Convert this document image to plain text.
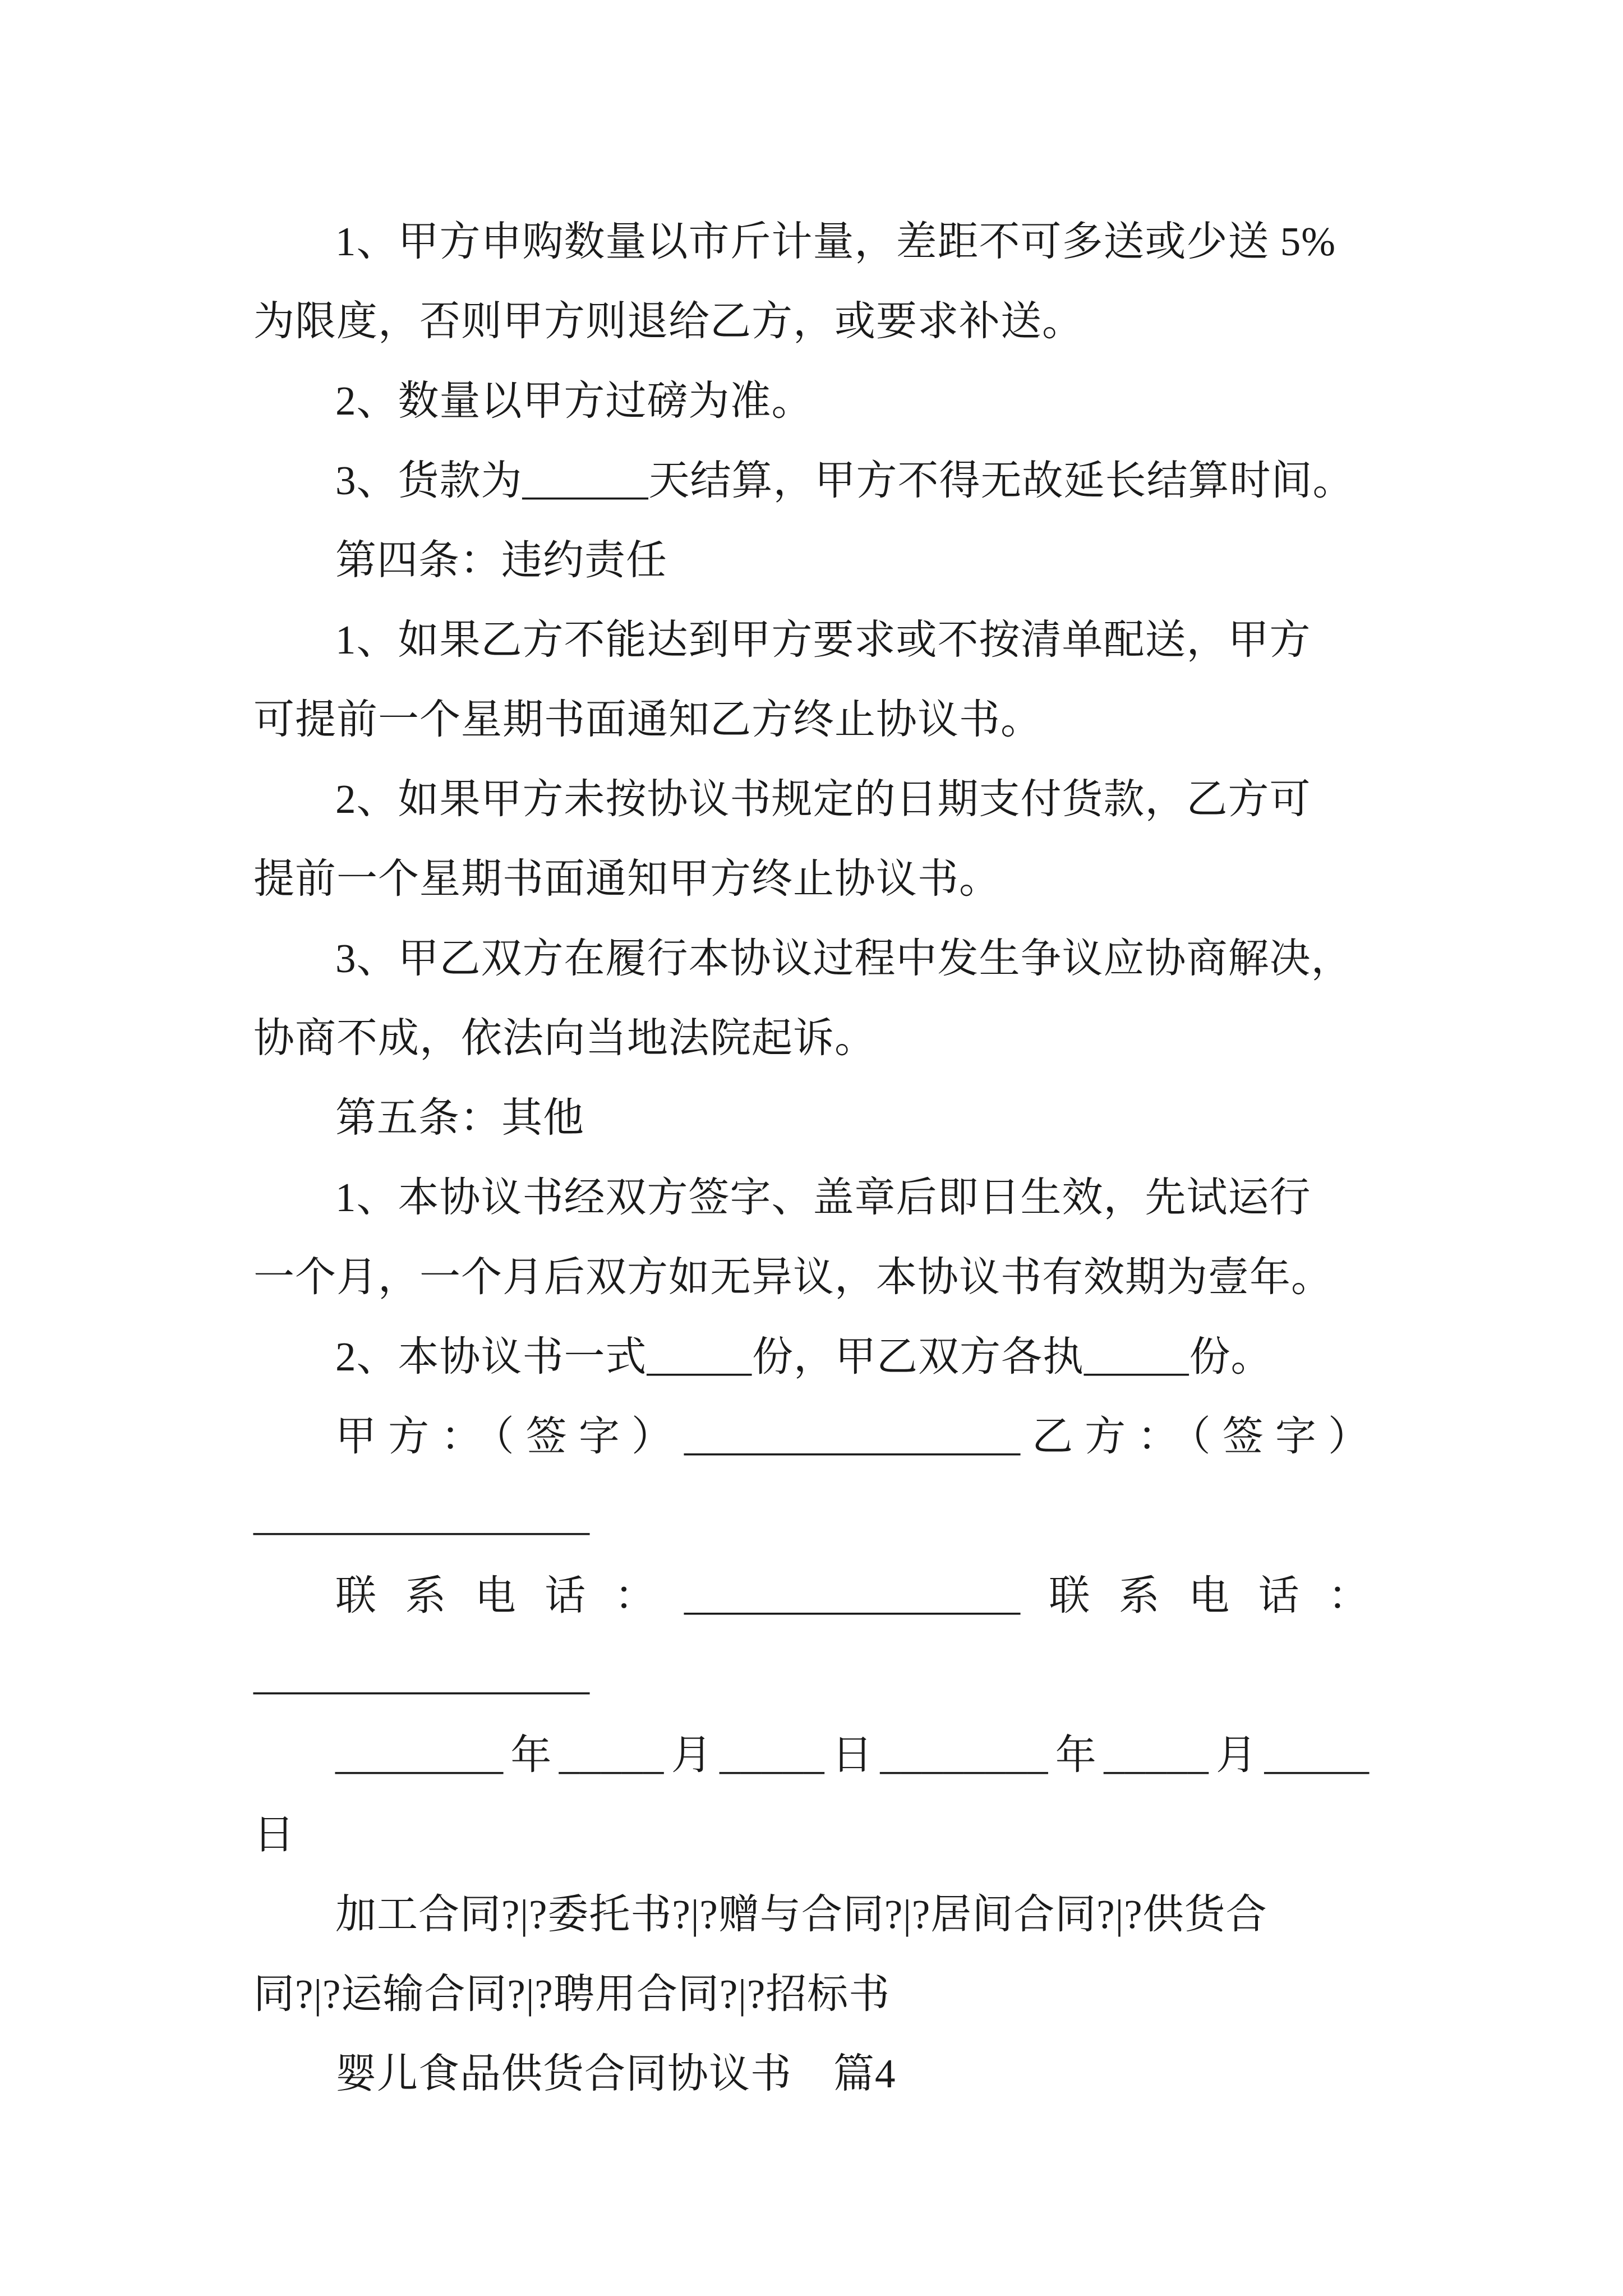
1、甲方申购数量以市斤计量，差距不可多送或少送 5%

为限度，否则甲方则退给乙方，或要求补送。

2、数量以甲方过磅为准。

3、货款为______天结算，甲方不得无故延长结算时间。

第四条：违约责任

1、如果乙方不能达到甲方要求或不按清单配送，甲方

可提前一个星期书面通知乙方终止协议书。

2、如果甲方未按协议书规定的日期支付货款，乙方可

提前一个星期书面通知甲方终止协议书。

3、甲乙双方在履行本协议过程中发生争议应协商解决，

协商不成，依法向当地法院起诉。

第五条：其他

1、本协议书经双方签字、盖章后即日生效，先试运行

一个月，一个月后双方如无异议，本协议书有效期为壹年。

2、本协议书一式_____份，甲乙双方各执_____份。

甲方：（签字）________________乙方：（签字）

________________

联系电话：________________联系电话：

________________

________年_____月_____日________年_____月_____

日

加工合同?|?委托书?|?赠与合同?|?居间合同?|?供货合

同?|?运输合同?|?聘用合同?|?招标书

婴儿食品供货合同协议书　篇4
